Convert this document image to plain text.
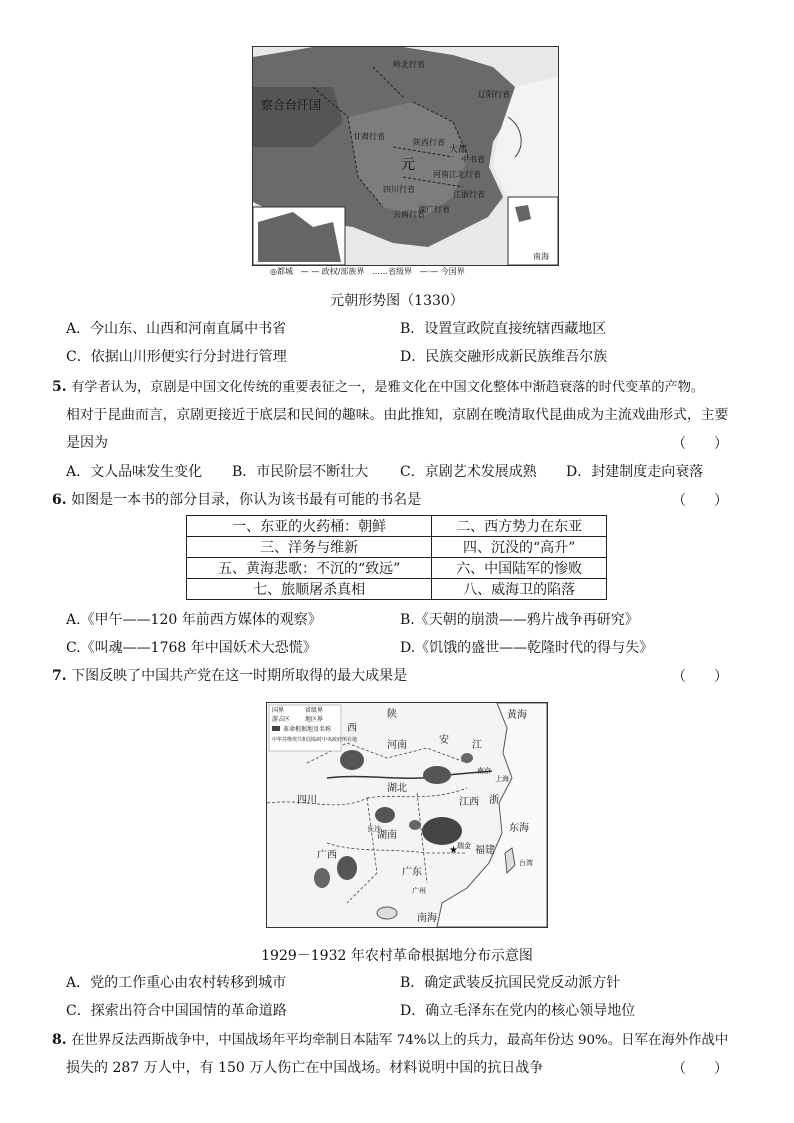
察合台汗国
元
大都
甘肃行省
陕西行省
河南江北行省
江浙行省
湖广行省
云南行省
四川行省
辽阳行省
岭北行省
中书省
南海
◎都城 — — 政权/部族界 ……省级界 —·— 今国界
元朝形势图（1330）
A．今山东、山西和河南直属中书省	B．设置宣政院直接统辖西藏地区
C．依据山川形便实行分封进行管理	D．民族交融形成新民族维吾尔族
5. 有学者认为，京剧是中国文化传统的重要表征之一，是雅文化在中国文化整体中渐趋衰落的时代变革的产物。
相对于昆曲而言，京剧更接近于底层和民间的趣味。由此推知，京剧在晚清取代昆曲成为主流戏曲形式，主要
是因为	（　　）
A．文人品味发生变化 B．市民阶层不断壮大 C．京剧艺术发展成熟 D．封建制度走向衰落
6. 如图是一本书的部分目录，你认为该书最有可能的书名是	（　　）
一、东亚的火药桶：朝鲜	二、西方势力在东亚
三、洋务与维新	四、沉没的“高升”
五、黄海悲歌：不沉的“致远”	六、中国陆军的惨败
七、旅顺屠杀真相	八、威海卫的陷落
A.《甲午——120 年前西方媒体的观察》	B.《天朝的崩溃——鸦片战争再研究》
C.《叫魂——1768 年中国妖术大恐慌》	D.《饥饿的盛世——乾隆时代的得与失》
7. 下图反映了中国共产党在这一时期所取得的最大成果是	（　　）
★
国界	省级界
游击区 地区界
革命根据地及名称
中华苏维埃共和国临时中央政府所在地
陕
西
河南	安 江
黄海
四川
湖北
湖南
长沙
江西
南京
上海
浙
瑞金 福建
东海
台湾
广西
广东
广州
南海
1929－1932 年农村革命根据地分布示意图
A．党的工作重心由农村转移到城市	B．确定武装反抗国民党反动派方针
C．探索出符合中国国情的革命道路	D．确立毛泽东在党内的核心领导地位
8. 在世界反法西斯战争中，中国战场年平均牵制日本陆军 74%以上的兵力，最高年份达 90%。日军在海外作战中
损失的 287 万人中，有 150 万人伤亡在中国战场。材料说明中国的抗日战争	（　　）
